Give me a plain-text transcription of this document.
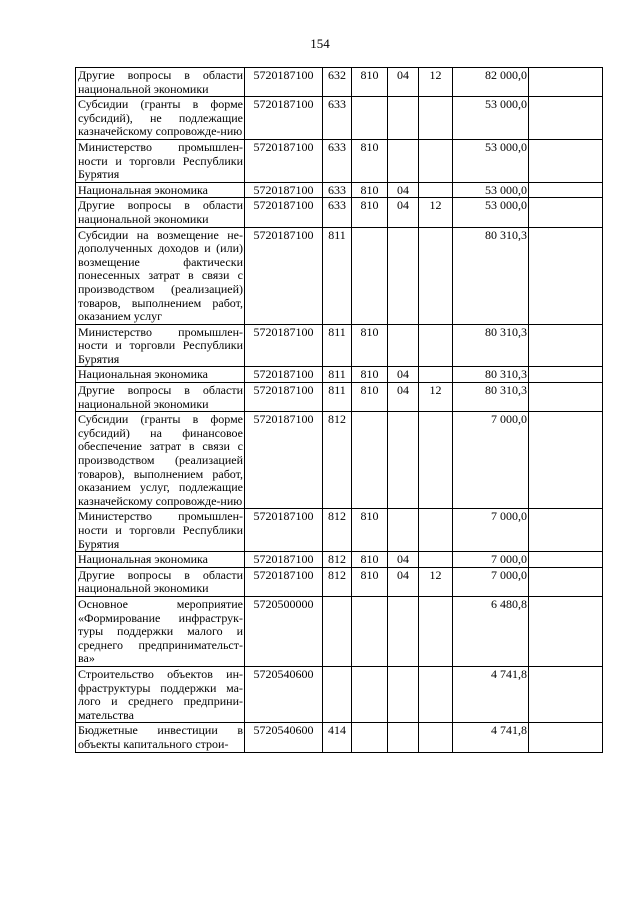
154
Другие вопросы в области национальной экономики	5720187100	632	810	04	12	82 000,0	
Субсидии (гранты в форме субсидий), не подлежащие казначейскому сопровожде-нию	5720187100	633				53 000,0	
Министерство промышлен-ности и торговли Республики Бурятия	5720187100	633	810			53 000,0	
Национальная экономика	5720187100	633	810	04		53 000,0	
Другие вопросы в области национальной экономики	5720187100	633	810	04	12	53 000,0	
Субсидии на возмещение не-дополученных доходов и (или) возмещение фактически понесенных затрат в связи с производством (реализацией) товаров, выполнением работ, оказанием услуг	5720187100	811				80 310,3	
Министерство промышлен-ности и торговли Республики Бурятия	5720187100	811	810			80 310,3	
Национальная экономика	5720187100	811	810	04		80 310,3	
Другие вопросы в области национальной экономики	5720187100	811	810	04	12	80 310,3	
Субсидии (гранты в форме субсидий) на финансовое обеспечение затрат в связи с производством (реализацией товаров), выполнением работ, оказанием услуг, подлежащие казначейскому сопровожде-нию	5720187100	812				7 000,0	
Министерство промышлен-ности и торговли Республики Бурятия	5720187100	812	810			7 000,0	
Национальная экономика	5720187100	812	810	04		7 000,0	
Другие вопросы в области национальной экономики	5720187100	812	810	04	12	7 000,0	
Основное мероприятие «Формирование инфраструк-туры поддержки малого и среднего предпринимательст-ва»	5720500000					6 480,8	
Строительство объектов ин-фраструктуры поддержки ма-лого и среднего предприни-мательства	5720540600					4 741,8	
Бюджетные инвестиции в объекты капитального строи-	5720540600	414				4 741,8	
